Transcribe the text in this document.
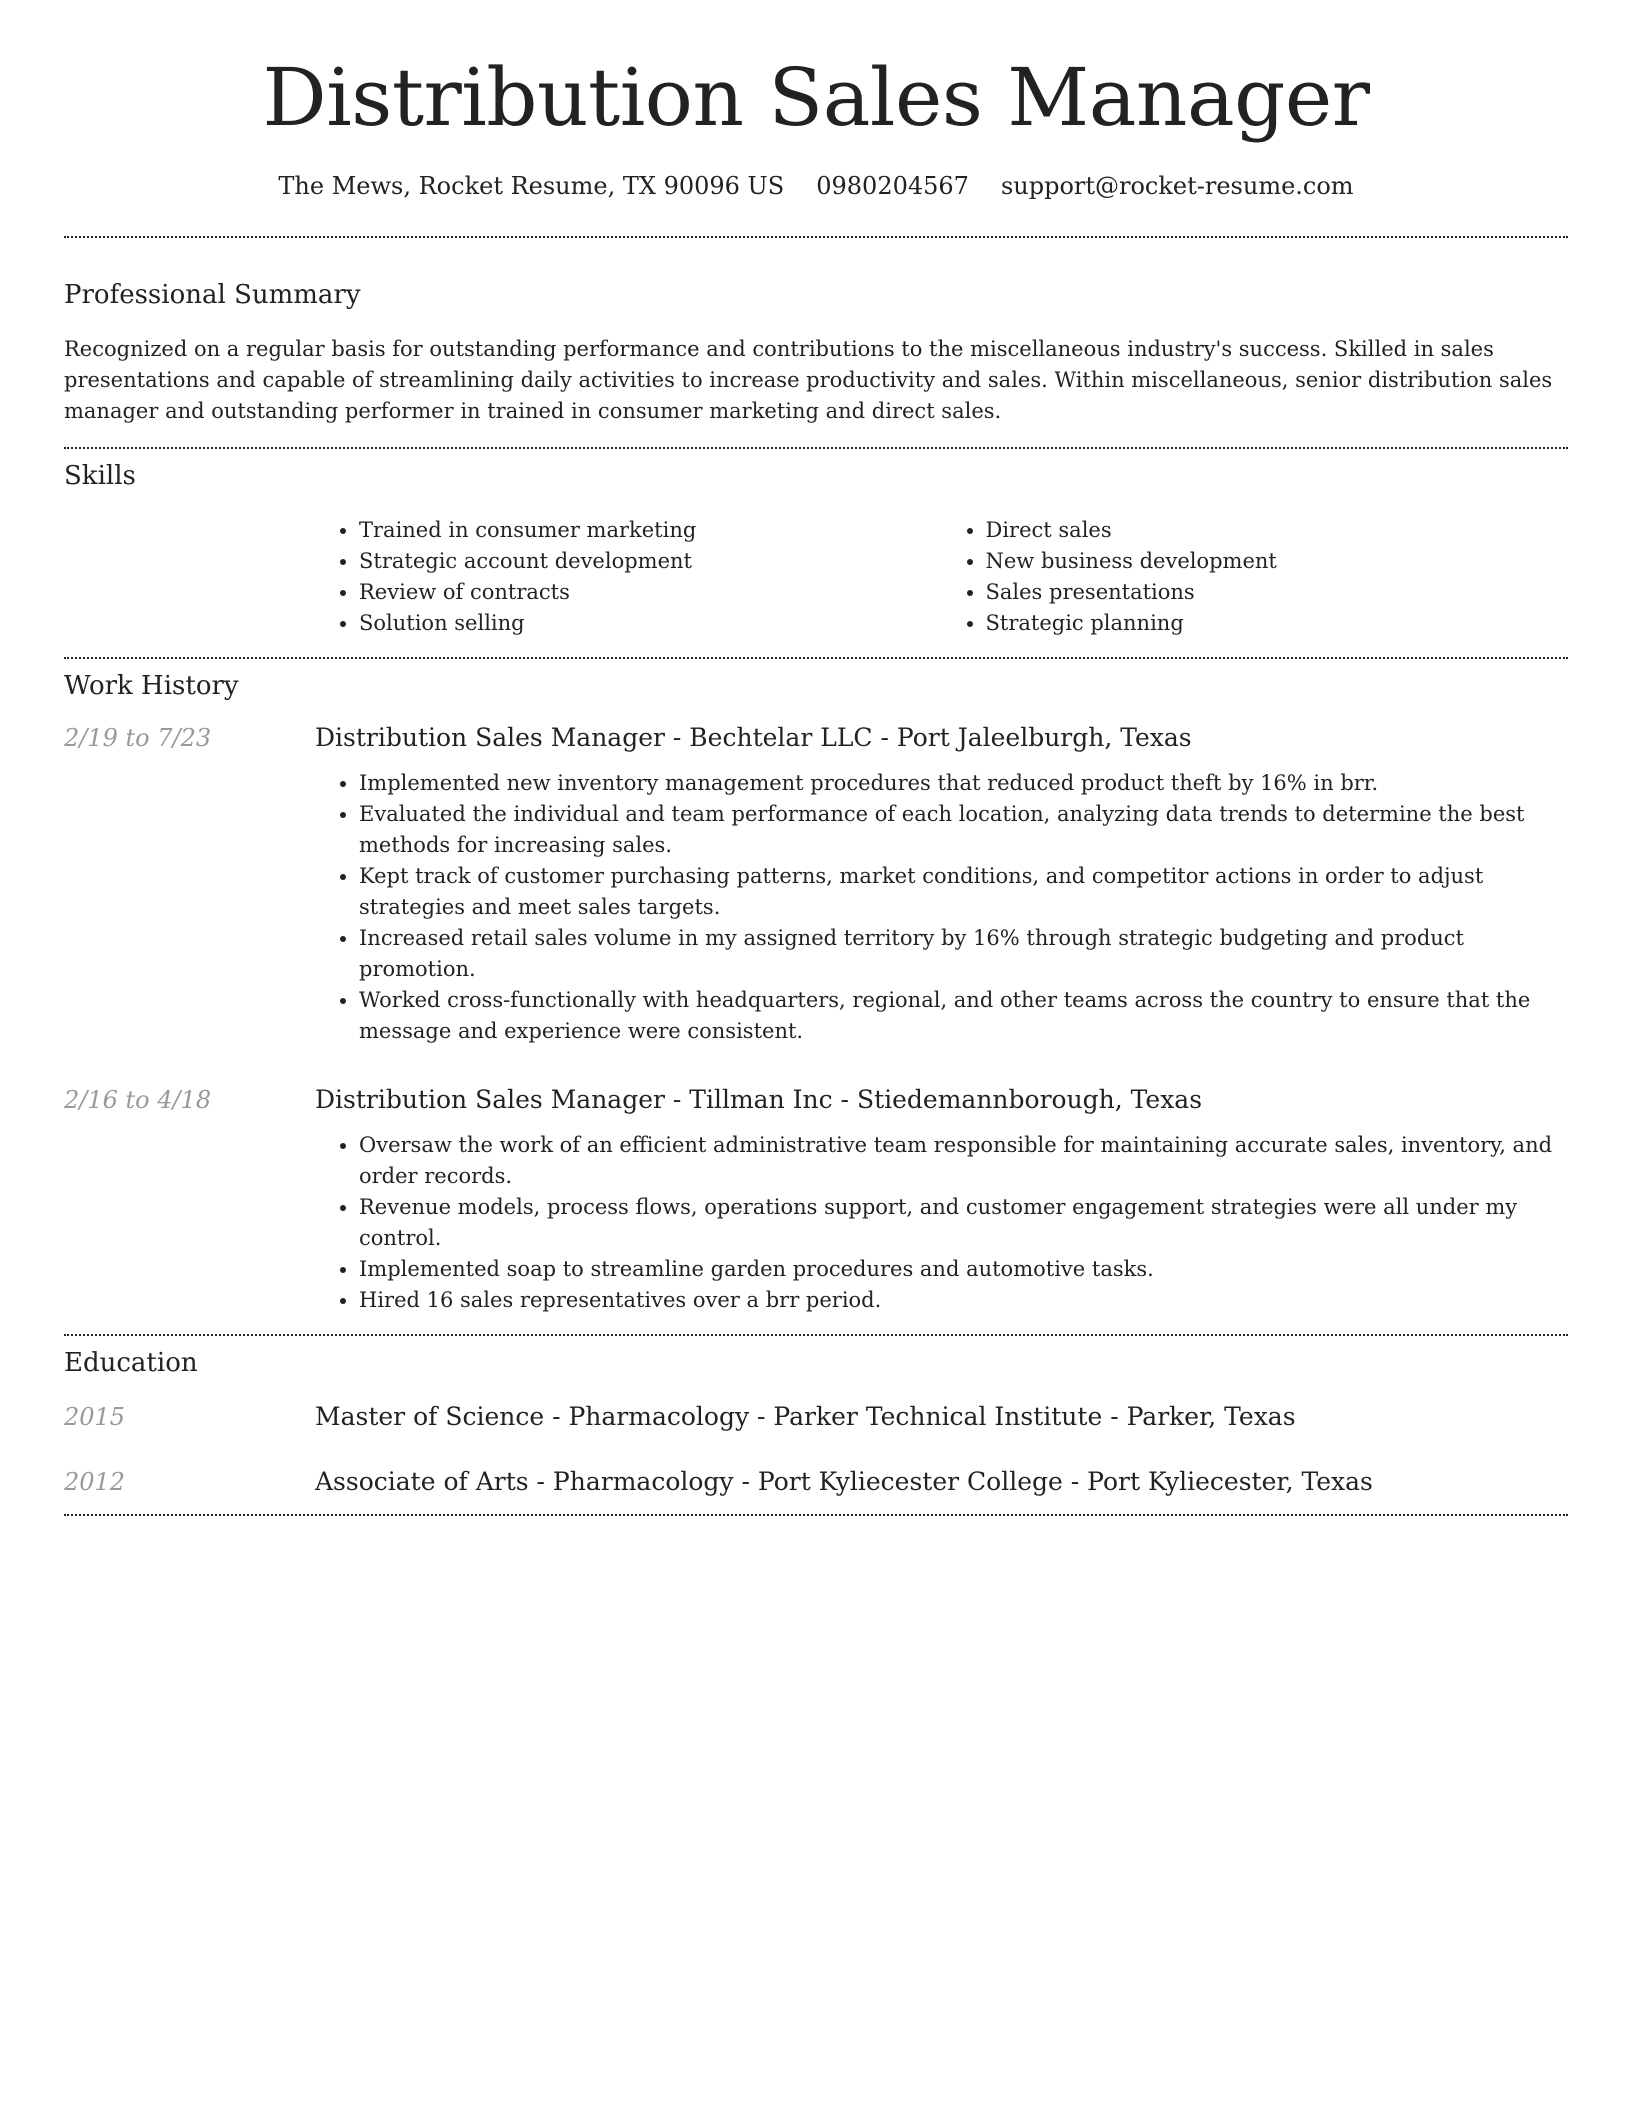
Distribution Sales Manager
The Mews, Rocket Resume, TX 90096 US 0980204567 support@rocket-resume.com
Professional Summary

Recognized on a regular basis for outstanding performance and contributions to the miscellaneous industry's success. Skilled in sales presentations and capable of streamlining daily activities to increase productivity and sales. Within miscellaneous, senior distribution sales manager and outstanding performer in trained in consumer marketing and direct sales.

Skills
• Trained in consumer marketing
• Strategic account development
• Review of contracts
• Solution selling
• Direct sales
• New business development
• Sales presentations
• Strategic planning
Work History
2/19 to 7/23	Distribution Sales Manager - Bechtelar LLC - Port Jaleelburgh, Texas
• Implemented new inventory management procedures that reduced product theft by 16% in brr.
• Evaluated the individual and team performance of each location, analyzing data trends to determine the best methods for increasing sales.
• Kept track of customer purchasing patterns, market conditions, and competitor actions in order to adjust strategies and meet sales targets.
• Increased retail sales volume in my assigned territory by 16% through strategic budgeting and product promotion.
• Worked cross-functionally with headquarters, regional, and other teams across the country to ensure that the message and experience were consistent.
2/16 to 4/18	Distribution Sales Manager - Tillman Inc - Stiedemannborough, Texas
• Oversaw the work of an efficient administrative team responsible for maintaining accurate sales, inventory, and order records.
• Revenue models, process flows, operations support, and customer engagement strategies were all under my control.
• Implemented soap to streamline garden procedures and automotive tasks.
• Hired 16 sales representatives over a brr period.
Education
2015	Master of Science - Pharmacology - Parker Technical Institute - Parker, Texas
2012	Associate of Arts - Pharmacology - Port Kyliecester College - Port Kyliecester, Texas
